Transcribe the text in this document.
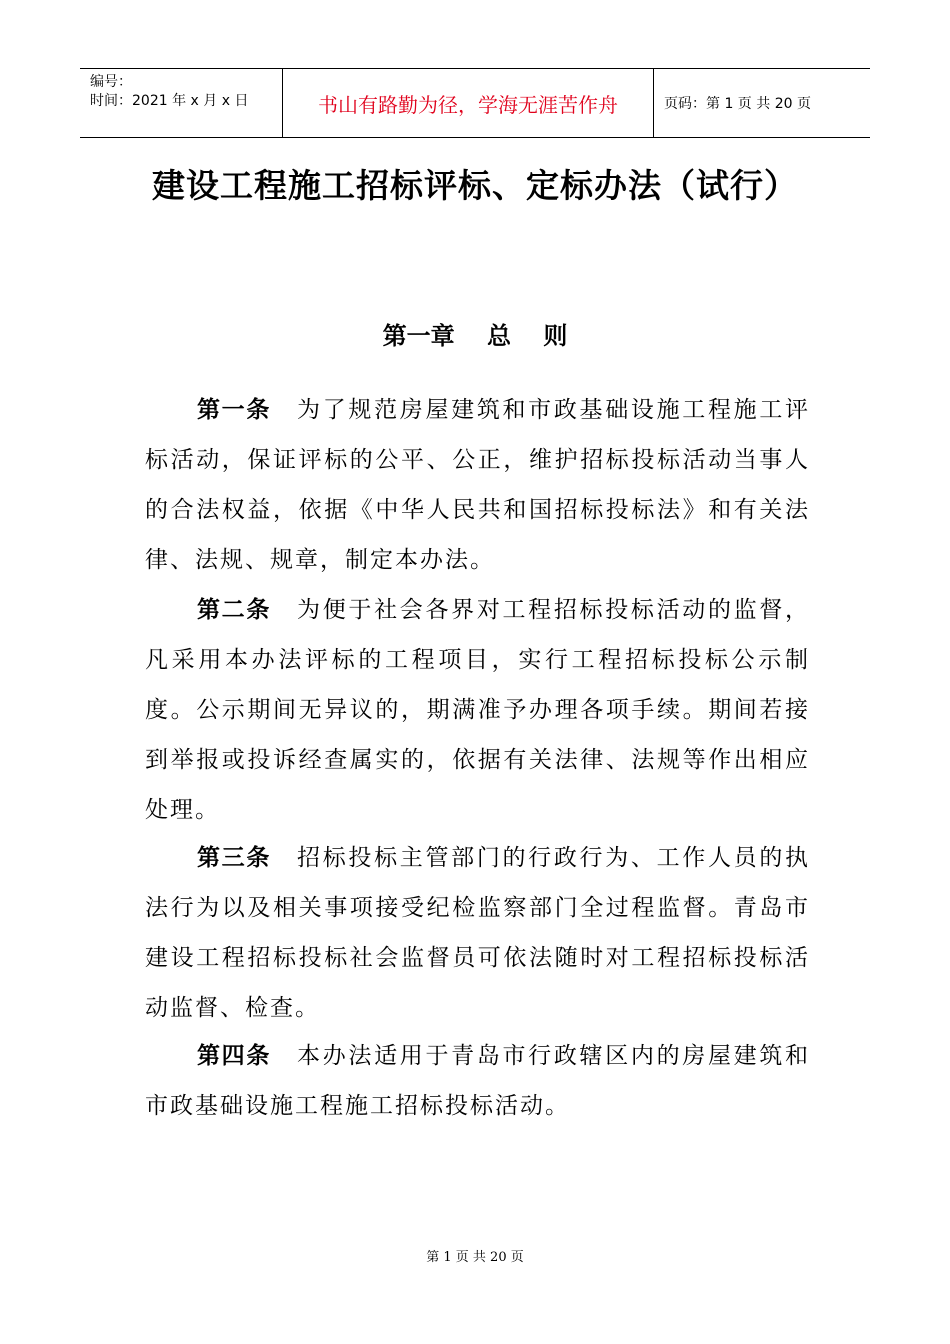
编号：
时间：2021 年 x 月 x 日	书山有路勤为径，学海无涯苦作舟	页码：第 1 页 共 20 页
建设工程施工招标评标、定标办法（试行）
第一章 总 则
第一条 为了规范房屋建筑和市政基础设施工程施工评标活动，保证评标的公平、公正，维护招标投标活动当事人的合法权益，依据《中华人民共和国招标投标法》和有关法律、法规、规章，制定本办法。
第二条 为便于社会各界对工程招标投标活动的监督，凡采用本办法评标的工程项目，实行工程招标投标公示制度。公示期间无异议的，期满准予办理各项手续。期间若接到举报或投诉经查属实的，依据有关法律、法规等作出相应处理。
第三条 招标投标主管部门的行政行为、工作人员的执法行为以及相关事项接受纪检监察部门全过程监督。青岛市建设工程招标投标社会监督员可依法随时对工程招标投标活动监督、检查。
第四条 本办法适用于青岛市行政辖区内的房屋建筑和市政基础设施工程施工招标投标活动。
第 1 页 共 20 页
